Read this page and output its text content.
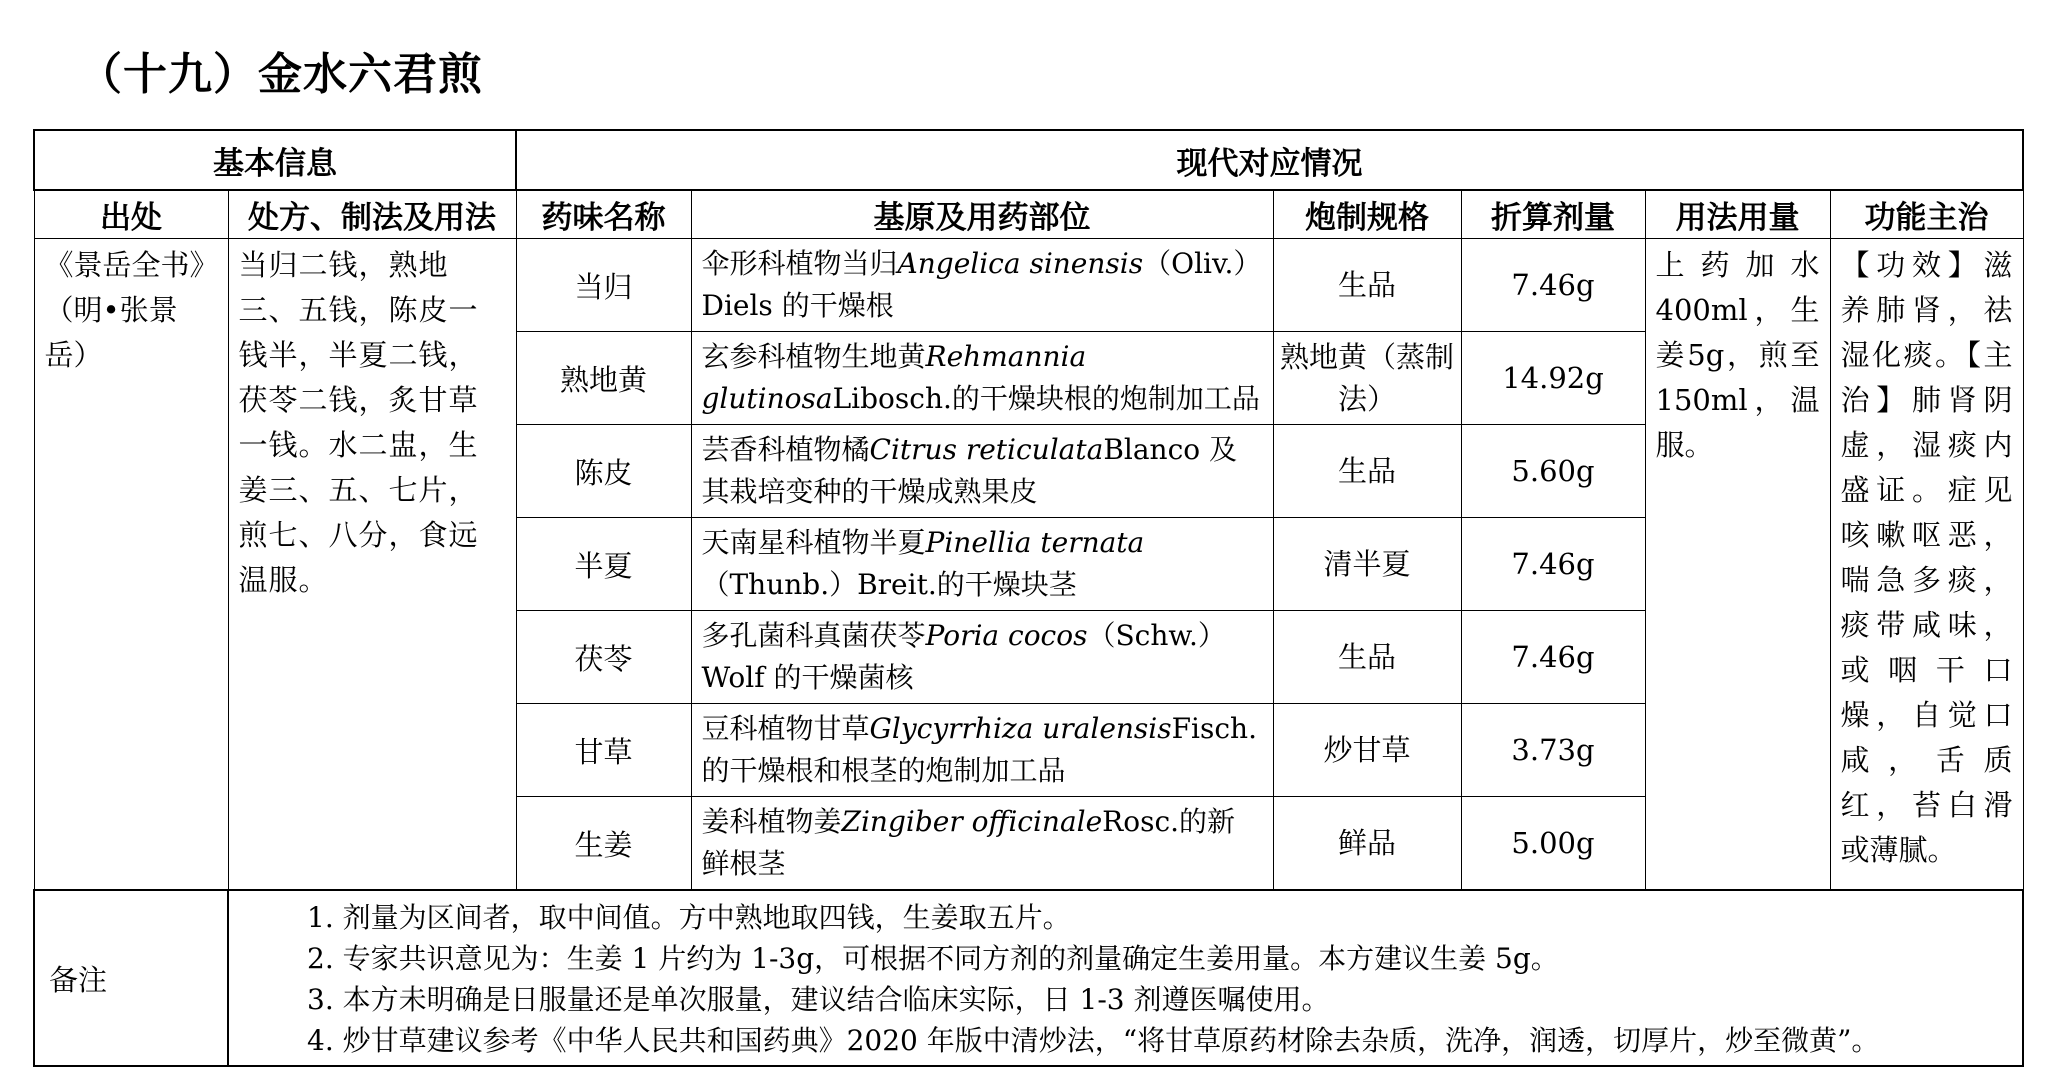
（十九）金水六君煎
基本信息		现代对应情况					
出处	处方、制法及用法	药味名称	基原及用药部位	炮制规格	折算剂量	用法用量	功能主治
《景岳全书》（明•张景岳）	当归二钱，熟地三、五钱，陈皮一钱半，半夏二钱，茯苓二钱，炙甘草一钱。水二盅，生姜三、五、七片，煎七、八分，食远温服。	当归	伞形科植物当归Angelica sinensis（Oliv.）Diels 的干燥根	生品	7.46g	上药加水400ml，生姜5g，煎至150ml，温服。	【功效】滋养肺肾，祛湿化痰。【主治】肺肾阴虚，湿痰内盛证。症见咳嗽呕恶，喘急多痰，痰带咸味，或咽干口燥，自觉口咸，舌质红，苔白滑或薄腻。
		熟地黄	玄参科植物生地黄Rehmannia glutinosaLibosch.的干燥块根的炮制加工品	熟地黄（蒸制法）	14.92g		
		陈皮	芸香科植物橘Citrus reticulataBlanco 及其栽培变种的干燥成熟果皮	生品	5.60g		
		半夏	天南星科植物半夏Pinellia ternata（Thunb.）Breit.的干燥块茎	清半夏	7.46g		
		茯苓	多孔菌科真菌茯苓Poria cocos（Schw.）Wolf 的干燥菌核	生品	7.46g		
		甘草	豆科植物甘草Glycyrrhiza uralensisFisch.的干燥根和根茎的炮制加工品	炒甘草	3.73g		
		生姜	姜科植物姜Zingiber officinaleRosc.的新鲜根茎	鲜品	5.00g		
备注	1. 剂量为区间者，取中间值。方中熟地取四钱，生姜取五片。
2. 专家共识意见为：生姜 1 片约为 1-3g，可根据不同方剂的剂量确定生姜用量。本方建议生姜 5g。
3. 本方未明确是日服量还是单次服量，建议结合临床实际，日 1-3 剂遵医嘱使用。
4. 炒甘草建议参考《中华人民共和国药典》2020 年版中清炒法，“将甘草原药材除去杂质，洗净，润透，切厚片，炒至微黄”。						
